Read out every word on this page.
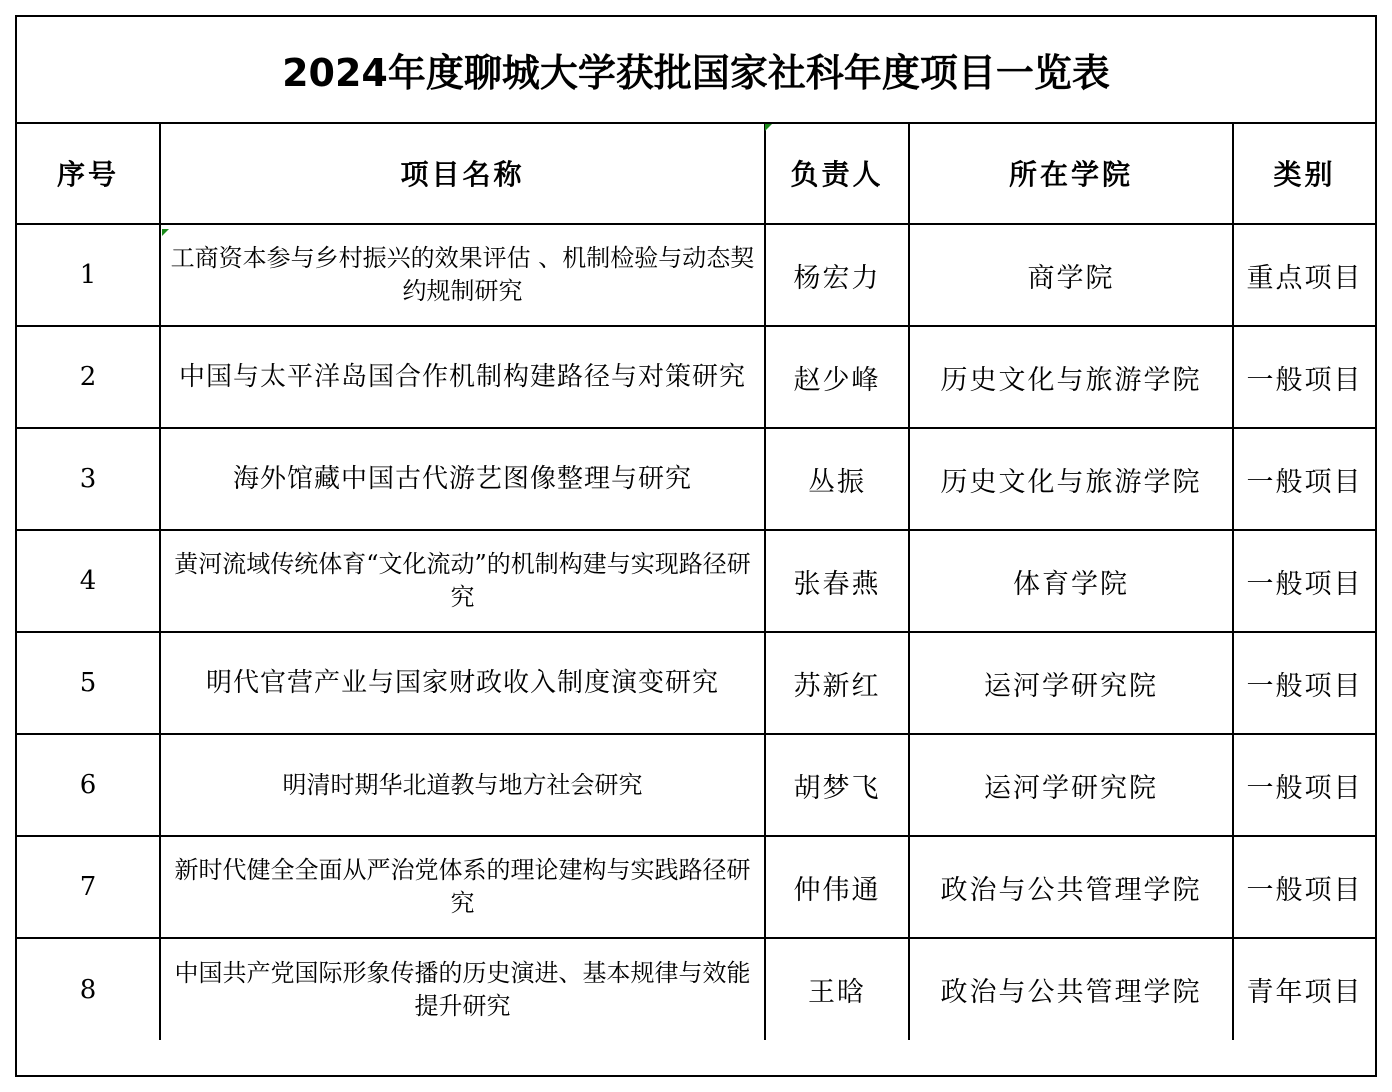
2024年度聊城大学获批国家社科年度项目一览表
序号	项目名称	负责人	所在学院	类别
1	工商资本参与乡村振兴的效果评估 、机制检验与动态契约规制研究	杨宏力	商学院	重点项目
2	中国与太平洋岛国合作机制构建路径与对策研究	赵少峰	历史文化与旅游学院	一般项目
3	海外馆藏中国古代游艺图像整理与研究	丛振	历史文化与旅游学院	一般项目
4	黄河流域传统体育“文化流动”的机制构建与实现路径研究	张春燕	体育学院	一般项目
5	明代官营产业与国家财政收入制度演变研究	苏新红	运河学研究院	一般项目
6	明清时期华北道教与地方社会研究	胡梦飞	运河学研究院	一般项目
7	新时代健全全面从严治党体系的理论建构与实践路径研究	仲伟通	政治与公共管理学院	一般项目
8	中国共产党国际形象传播的历史演进、基本规律与效能提升研究	王晗	政治与公共管理学院	青年项目
